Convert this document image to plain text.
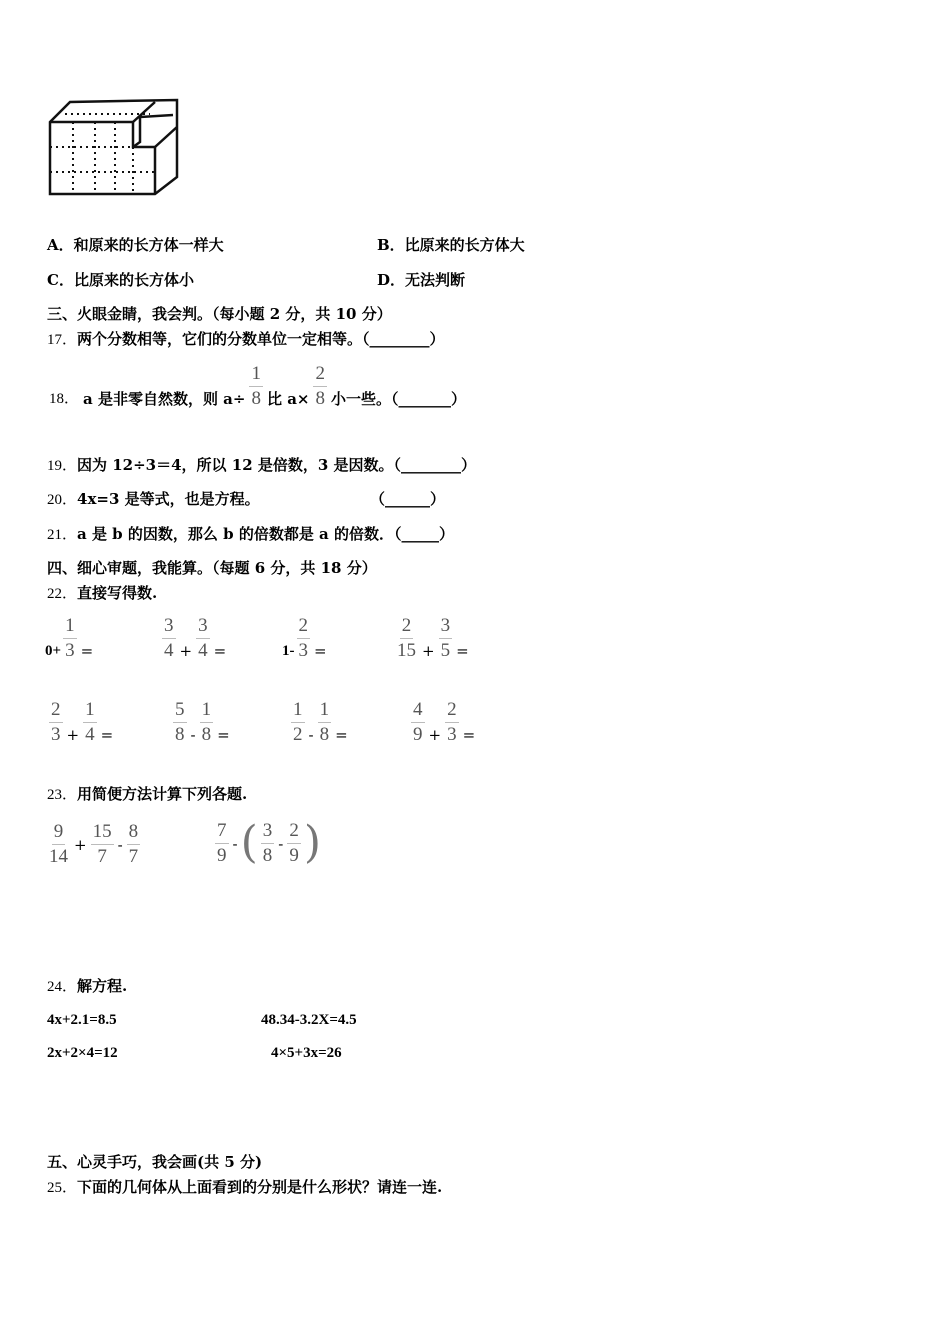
A．和原来的长方体一样大	B．比原来的长方体大
C．比原来的长方体小	D．无法判断
三、火眼金睛，我会判。（每小题 2 分，共 10 分）
17．两个分数相等，它们的分数单位一定相等。（________）
18． a 是非零自然数，则 $a\div \frac{1}{8}$ 比 $a\times \frac{2}{8}$ 小一些。（_______）
19．因为 12÷3＝4，所以 12 是倍数，3 是因数。（________）
20．4x=3 是等式，也是方程。	（______）
21．a 是 b 的因数，那么 b 的倍数都是 a 的倍数．（_____）
四、细心审题，我能算。（每题 6 分，共 18 分）
22．直接写得数.
$0+ \frac{1}{3}$ =	$\frac{3}{4} + \frac{3}{4}$ =	$1- \frac{2}{3}$ =	$\frac{2}{15} + \frac{3}{5}$ =
$\frac{2}{3} + \frac{1}{4}$ =	$\frac{5}{8} - \frac{1}{8}$ =	$\frac{1}{2} - \frac{1}{8}$ =	$\frac{4}{9} + \frac{2}{3}$ =
23．用简便方法计算下列各题.
$\frac{9}{14} + \frac{15}{7} - \frac{8}{7}$	$\frac{7}{9}$ - ( $\frac{3}{8} - \frac{2}{9}$ )
24．解方程.
4x+2.1=8.5	48.34-3.2X=4.5
2x+2×4=12	4×5+3x=26
五、心灵手巧，我会画(共 5 分)
25．下面的几何体从上面看到的分别是什么形状？请连一连.
